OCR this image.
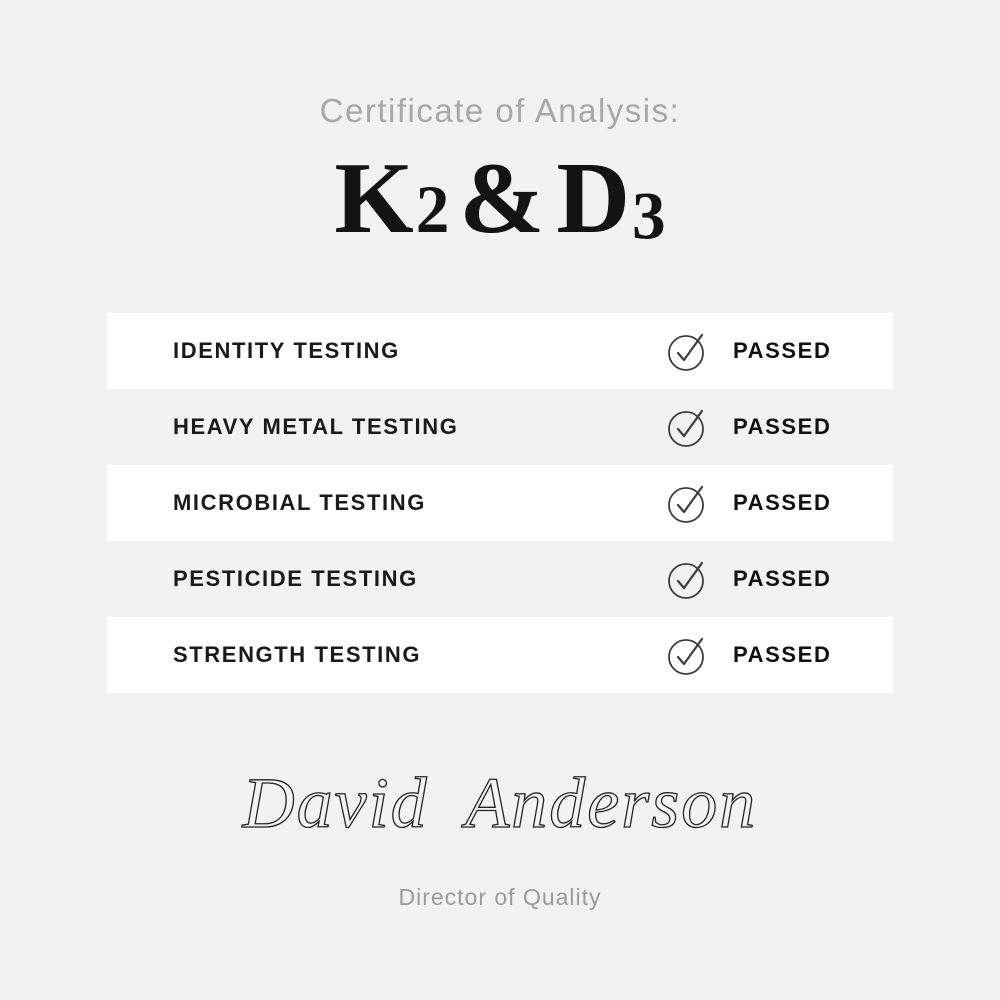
Certificate of Analysis:
K2&D3
IDENTITY TESTING	PASSED
HEAVY METAL TESTING	PASSED
MICROBIAL TESTING	PASSED
PESTICIDE TESTING	PASSED
STRENGTH TESTING	PASSED
David Anderson
Director of Quality
